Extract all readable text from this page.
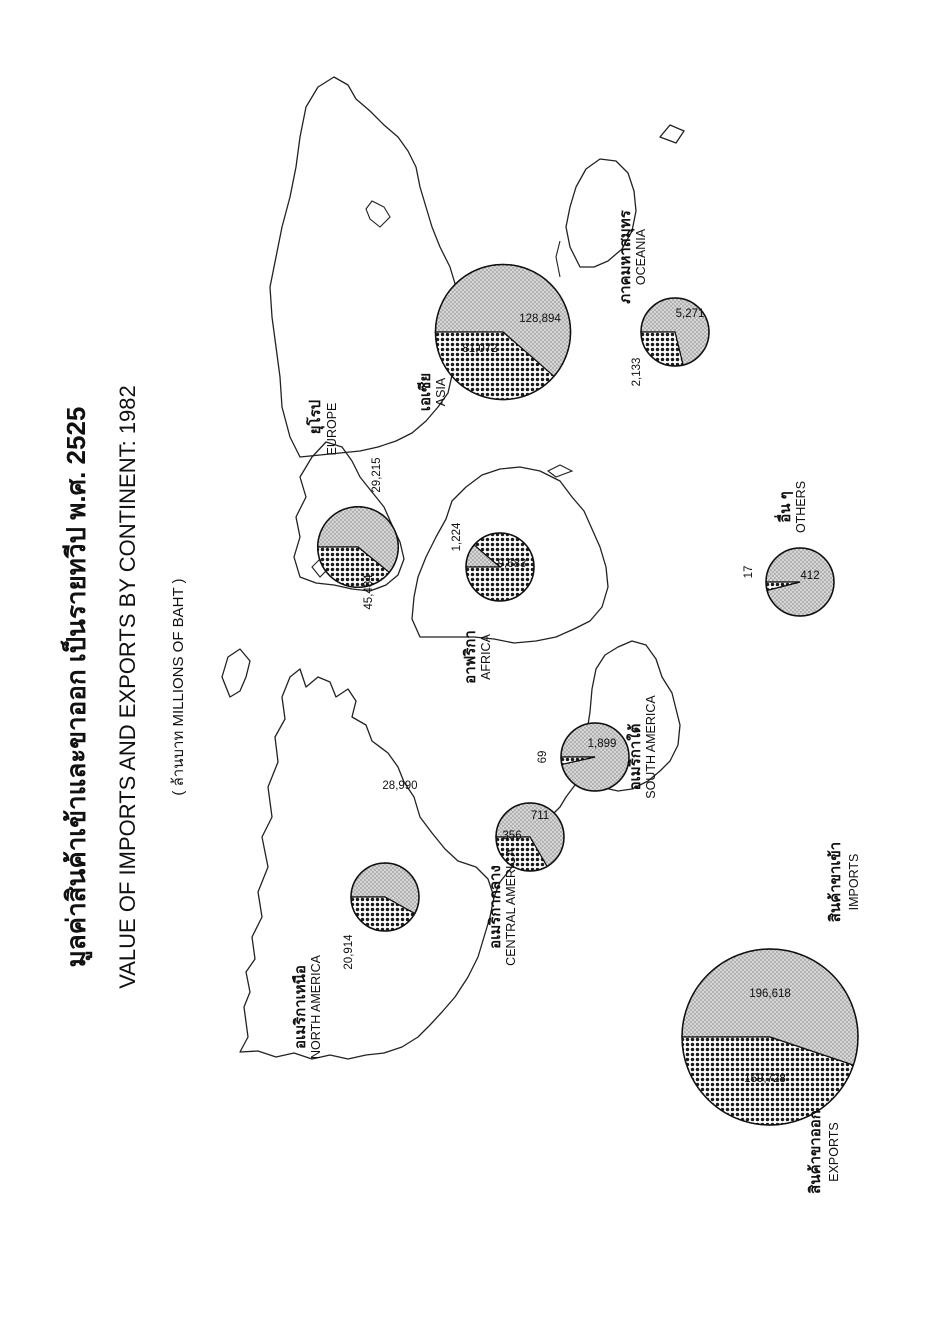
มูลค่าสินค้าเข้าและขาออก เป็นรายทวีป พ.ศ. 2525 VALUE OF IMPORTS AND EXPORTS BY CONTINENT: 1982 ( ล้านบาท MILLIONS OF BAHT )
159,728
196,618
สินค้าขาออก EXPORTS
สินค้าขาเข้า IMPORTS
อเมริกาเหนือ NORTH AMERICA
28,990
20,914
อเมริกากลาง CENTRAL AMERICA
711
356
อเมริกาใต้ SOUTH AMERICA
1,899
69
ยุโรป EUROPE
45,484
29,215
อาฟริกา AFRICA
1,224
9,683
เอเซีย ASIA
128,894
81,072
ภาคมหาสมุทร OCEANIA
5,271
2,133
อื่น ๆ OTHERS
412
17
